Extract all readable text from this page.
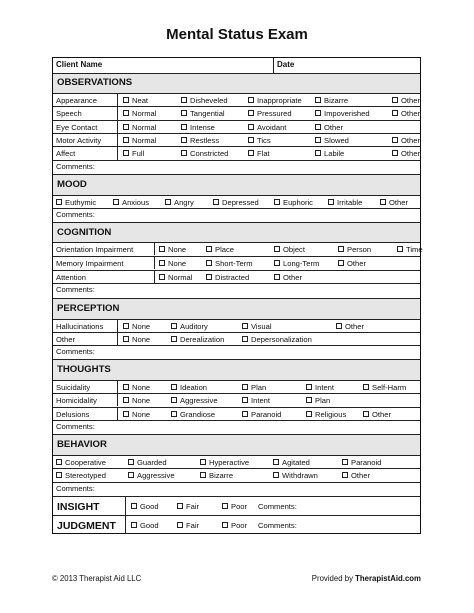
Mental Status Exam
Client Name	Date
OBSERVATIONS
Appearance	Neat	Disheveled	Inappropriate	Bizarre	Other
Speech	Normal	Tangential	Pressured	Impoverished	Other
Eye Contact	Normal	Intense	Avoidant	Other
Motor Activity	Normal	Restless	Tics	Slowed	Other
Affect	Full	Constricted	Flat	Labile	Other
Comments:
MOOD
Euthymic	Anxious	Angry	Depressed	Euphoric	Irritable	Other
Comments:
COGNITION
Orientation Impairment	None	Place	Object	Person	Time
Memory Impairment	None	Short-Term	Long-Term	Other
Attention	Normal	Distracted	Other
Comments:
PERCEPTION
Hallucinations	None	Auditory	Visual	Other
Other	None	Derealization	Depersonalization
Comments:
THOUGHTS
Suicidality	None	Ideation	Plan	Intent	Self-Harm
Homicidality	None	Aggressive	Intent	Plan
Delusions	None	Grandiose	Paranoid	Religious	Other
Comments:
BEHAVIOR
Cooperative	Guarded	Hyperactive	Agitated	Paranoid
Stereotyped	Aggressive	Bizarre	Withdrawn	Other
Comments:
INSIGHT	Good	Fair	Poor Comments:
JUDGMENT	Good	Fair	Poor Comments:
© 2013 Therapist Aid LLC	Provided by TherapistAid.com
